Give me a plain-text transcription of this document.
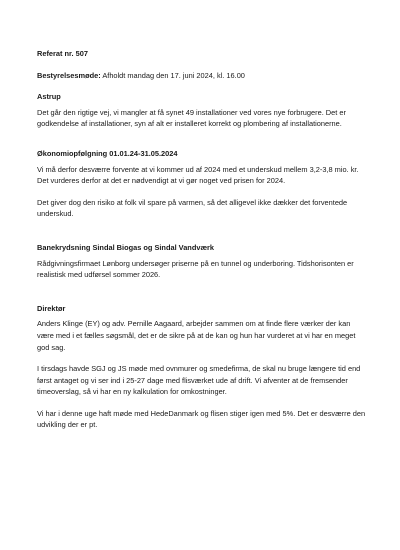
Referat nr. 507

Bestyrelsesmøde: Afholdt mandag den 17. juni 2024, kl. 16.00

Astrup

Det går den rigtige vej, vi mangler at få synet 49 installationer ved vores nye forbrugere. Det er godkendelse af installationer, syn af alt er installeret korrekt og plombering af installationerne.

Økonomiopfølgning 01.01.24-31.05.2024

Vi må derfor desværre forvente at vi kommer ud af 2024 med et underskud mellem 3,2-3,8 mio. kr. Det vurderes derfor at det er nødvendigt at vi gør noget ved prisen for 2024.

Det giver dog den risiko at folk vil spare på varmen, så det alligevel ikke dækker det forventede underskud.

Banekrydsning Sindal Biogas og Sindal Vandværk

Rådgivningsfirmaet Lønborg undersøger priserne på en tunnel og underboring. Tidshorisonten er realistisk med udførsel sommer 2026.

Direktør

Anders Klinge (EY) og adv. Pernille Aagaard, arbejder sammen om at finde flere værker der kan være med i et fælles søgsmål, det er de sikre på at de kan og hun har vurderet at vi har en meget god sag.

I tirsdags havde SGJ og JS møde med ovnmurer og smedefirma, de skal nu bruge længere tid end først antaget og vi ser ind i 25-27 dage med flisværket ude af drift. Vi afventer at de fremsender timeoverslag, så vi har en ny kalkulation for omkostninger.

Vi har i denne uge haft møde med HedeDanmark og flisen stiger igen med 5%. Det er desværre den udvikling der er pt.
